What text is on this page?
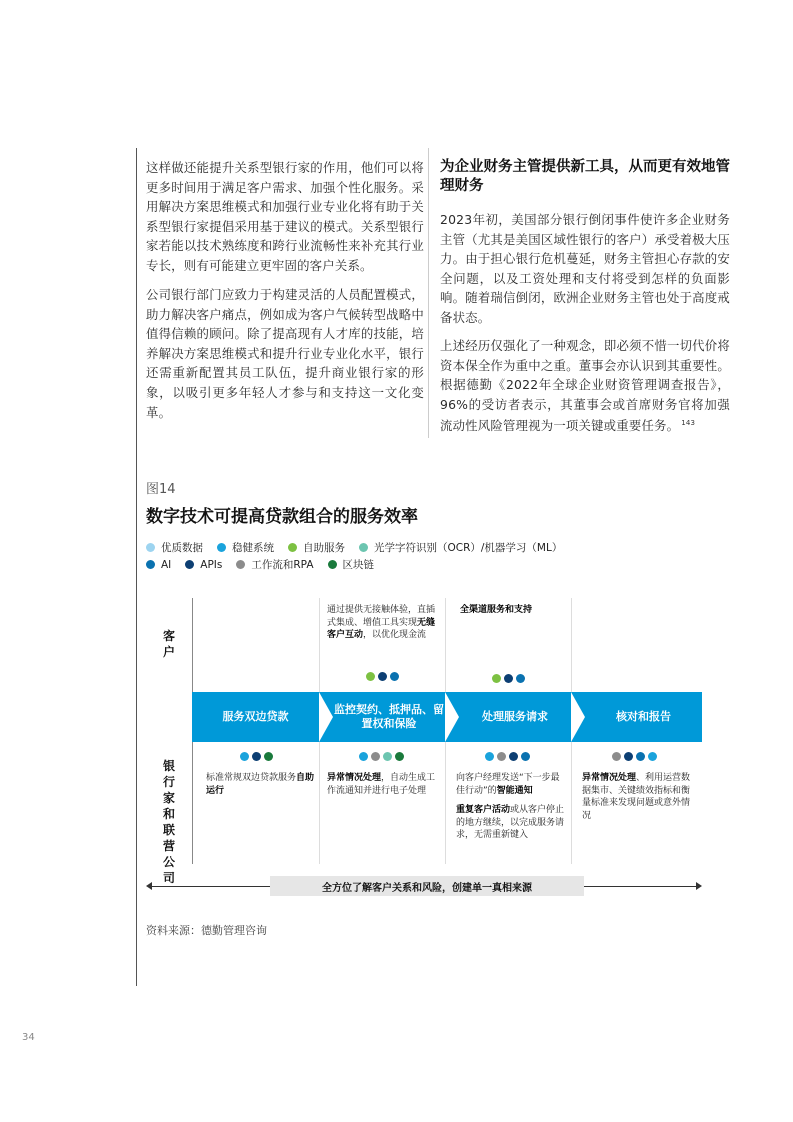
这样做还能提升关系型银行家的作用，他们可以将更多时间用于满足客户需求、加强个性化服务。采用解决方案思维模式和加强行业专业化将有助于关系型银行家提倡采用基于建议的模式。关系型银行家若能以技术熟练度和跨行业流畅性来补充其行业专长，则有可能建立更牢固的客户关系。

公司银行部门应致力于构建灵活的人员配置模式，助力解决客户痛点，例如成为客户气候转型战略中值得信赖的顾问。除了提高现有人才库的技能，培养解决方案思维模式和提升行业专业化水平，银行还需重新配置其员工队伍，提升商业银行家的形象，以吸引更多年轻人才参与和支持这一文化变革。

为企业财务主管提供新工具，从而更有效地管理财务

2023年初，美国部分银行倒闭事件使许多企业财务主管（尤其是美国区域性银行的客户）承受着极大压力。由于担心银行危机蔓延，财务主管担心存款的安全问题，以及工资处理和支付将受到怎样的负面影响。随着瑞信倒闭，欧洲企业财务主管也处于高度戒备状态。

上述经历仅强化了一种观念，即必须不惜一切代价将资本保全作为重中之重。董事会亦认识到其重要性。根据德勤《2022年全球企业财资管理调查报告》，96%的受访者表示，其董事会或首席财务官将加强流动性风险管理视为一项关键或重要任务。 $^{143}$

图14
数字技术可提高贷款组合的服务效率
优质数据	稳健系统	自助服务	光学字符识别（OCR）/机器学习（ML）
AI	APIs	工作流和RPA	区块链
客户
银行家和联营公司
通过提供无接触体验，直插式集成、增值工具实现无缝客户互动，以优化现金流
全渠道服务和支持
服务双边贷款
监控契约、抵押品、留置权和保险
处理服务请求	核对和报告
标准常规双边贷款服务自助运行
异常情况处理，自动生成工作流通知并进行电子处理
向客户经理发送“下一步最佳行动”的智能通知
重复客户活动或从客户停止的地方继续，以完成服务请求，无需重新键入
异常情况处理、利用运营数据集市、关键绩效指标和衡量标准来发现问题或意外情况
全方位了解客户关系和风险，创建单一真相来源
资料来源：德勤管理咨询
34
